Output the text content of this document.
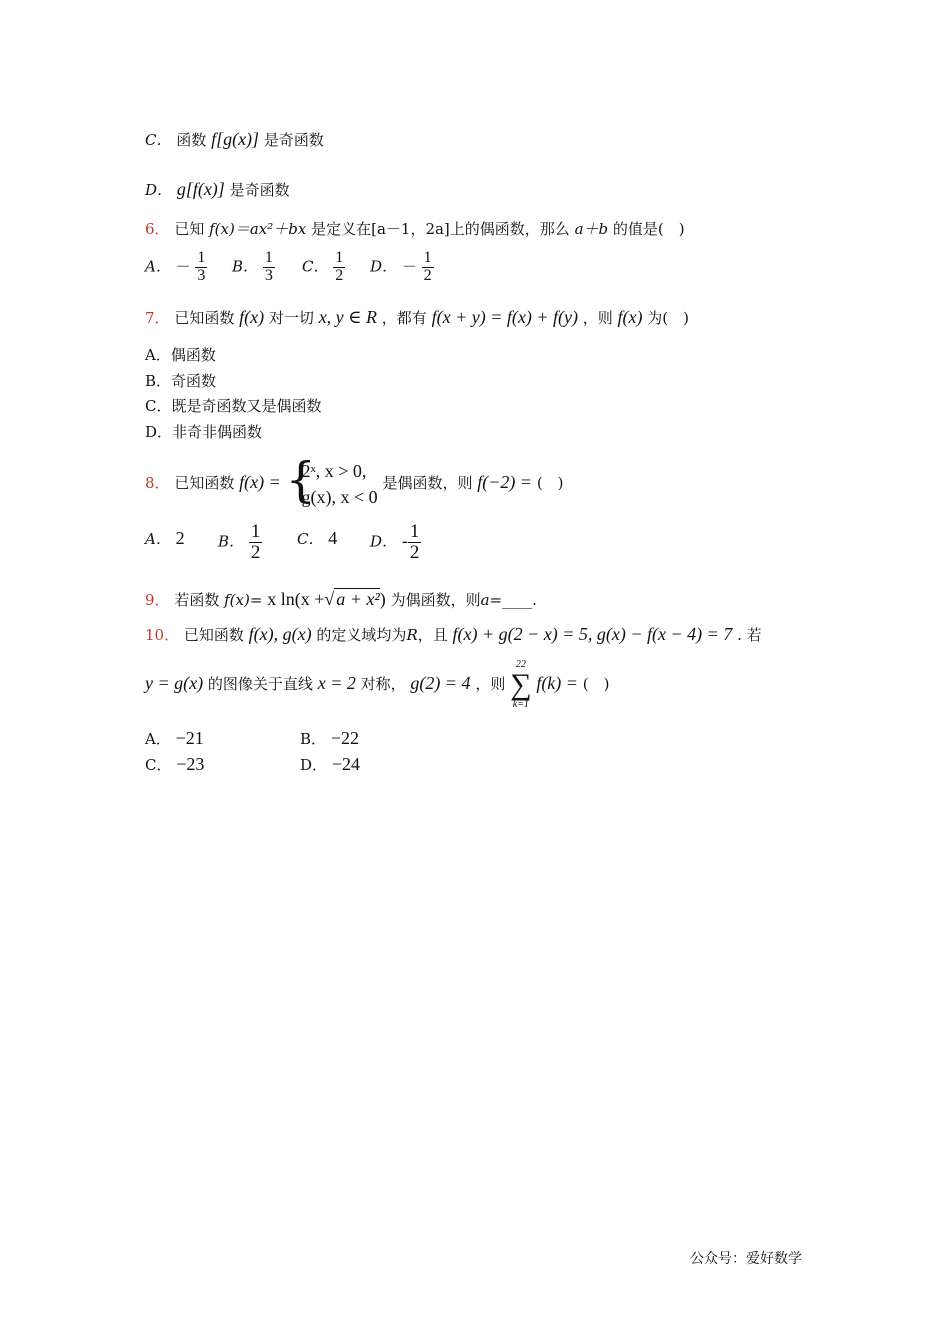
C． 函数 f[g(x)] 是奇函数
D． g[f(x)] 是奇函数
6． 已知 f(x)＝ax²＋bx 是定义在[a－1，2a]上的偶函数，那么 a＋b 的值是(　)
A． － $\frac{1}{3}$ B． $\frac{1}{3}$ C． $\frac{1}{2}$ D． － $\frac{1}{2}$
7． 已知函数 f(x) 对一切 x, y ∈ R ，都有 f(x + y) = f(x) + f(y) ，则 f(x) 为(　)
A．偶函数
B．奇函数
C．既是奇函数又是偶函数
D．非奇非偶函数
8． 已知函数 f(x) = {
2ˣ, x > 0,
g(x), x < 0
是偶函数，则 f(−2) = (　)
A． 2 B． $\frac{1}{2}$ C． 4 D． - $\frac{1}{2}$
9． 若函数 f(x)= x ln(x +√ a + x²) 为偶函数，则a=____.
10． 已知函数 f(x), g(x) 的定义域均为R，且 f(x) + g(2 − x) = 5, g(x) − f(x − 4) = 7 . 若
y = g(x) 的图像关于直线 x = 2 对称， g(2) = 4 ，则
22
∑
k=1
f(k) = (　)
A． −21	B． −22
C． −23	D． −24
公众号：爱好数学
